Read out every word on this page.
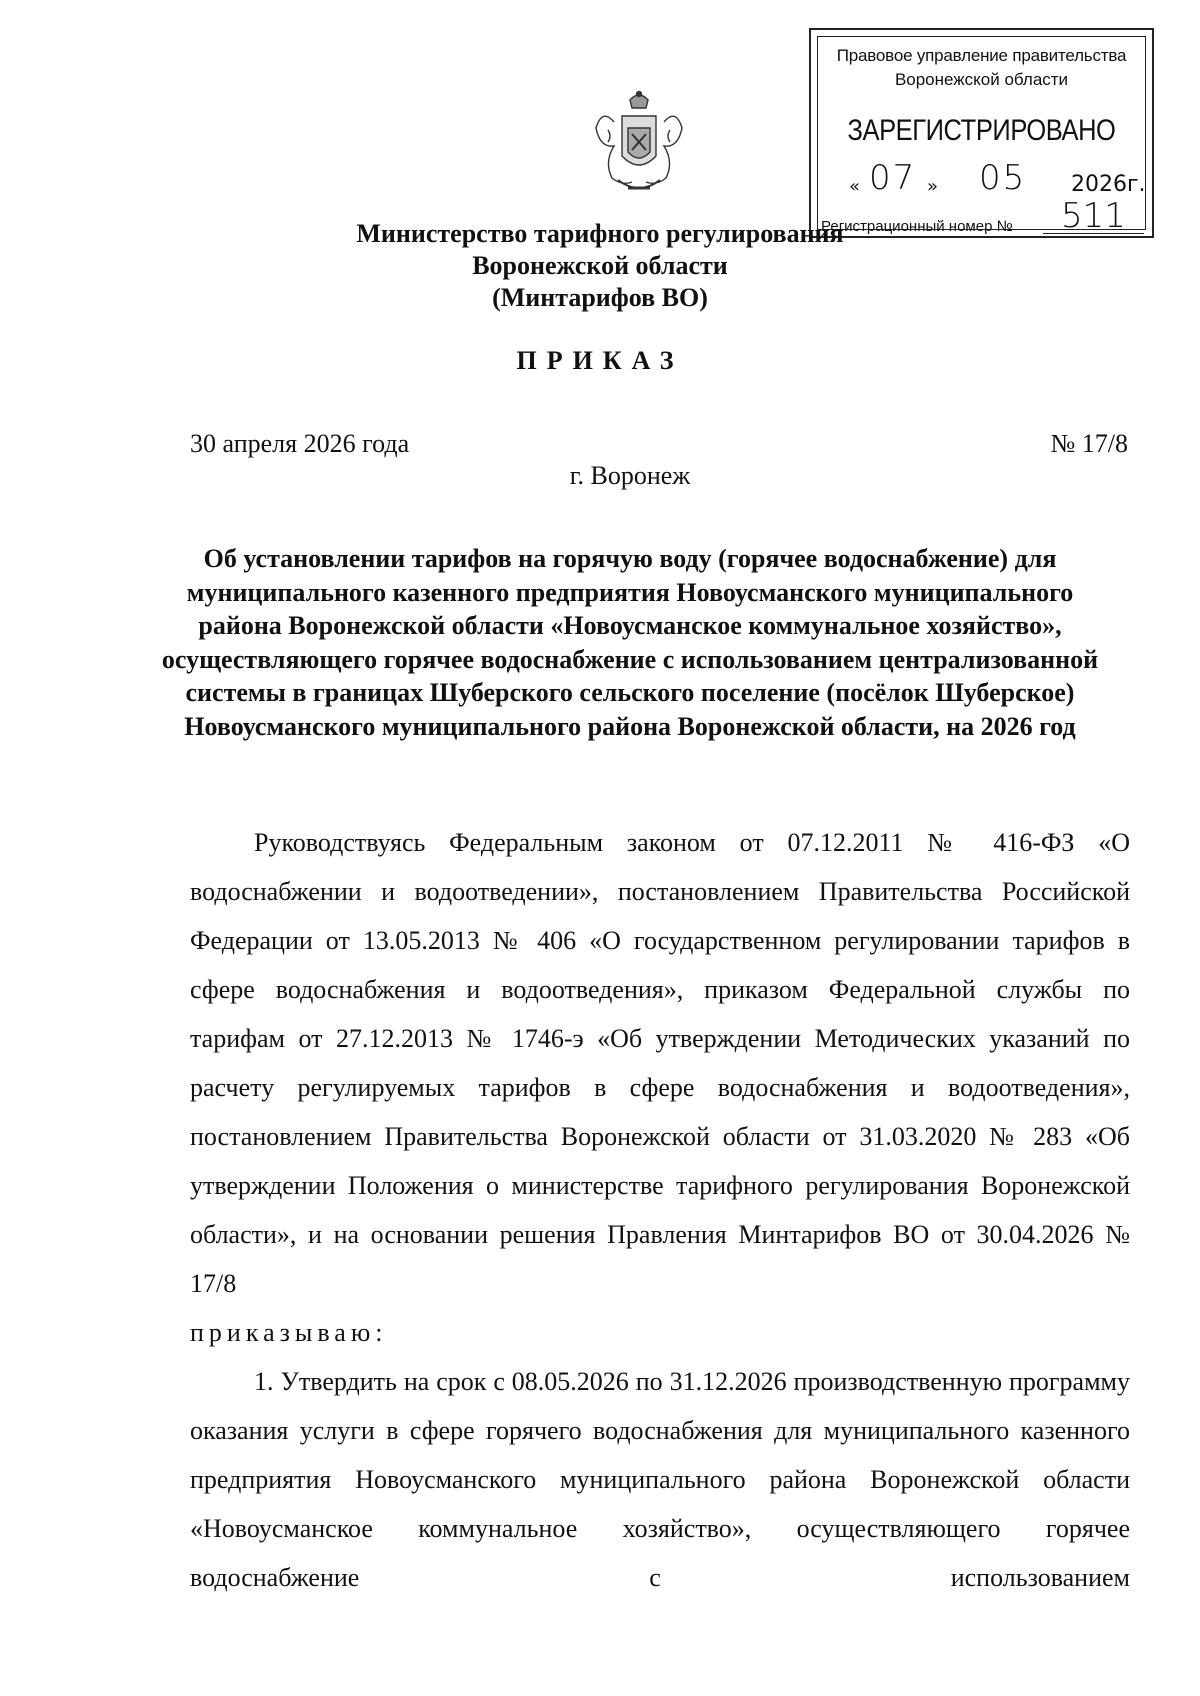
Правовое управление правительства
Воронежской области
ЗАРЕГИСТРИРОВАНО
« 07 » 05 2026г.
Регистрационный номер № 511
Министерство тарифного регулирования
Воронежской области
(Минтарифов ВО)
ПРИКАЗ
30 апреля 2026 года	№ 17/8
г. Воронеж
Об установлении тарифов на горячую воду (горячее водоснабжение) для муниципального казенного предприятия Новоусманского муниципального района Воронежской области «Новоусманское коммунальное хозяйство», осуществляющего горячее водоснабжение с использованием централизованной системы в границах Шуберского сельского поселение (посёлок Шуберское) Новоусманского муниципального района Воронежской области, на 2026 год

Руководствуясь Федеральным законом от 07.12.2011 № 416-ФЗ «О водоснабжении и водоотведении», постановлением Правительства Российской Федерации от 13.05.2013 № 406 «О государственном регулировании тарифов в сфере водоснабжения и водоотведения», приказом Федеральной службы по тарифам от 27.12.2013 № 1746-э «Об утверждении Методических указаний по расчету регулируемых тарифов в сфере водоснабжения и водоотведения», постановлением Правительства Воронежской области от 31.03.2020 № 283 «Об утверждении Положения о министерстве тарифного регулирования Воронежской области», и на основании решения Правления Минтарифов ВО от 30.04.2026 № 17/8

приказываю:

1. Утвердить на срок с 08.05.2026 по 31.12.2026 производственную программу оказания услуги в сфере горячего водоснабжения для муниципального казенного предприятия Новоусманского муниципального района Воронежской области «Новоусманское коммунальное хозяйство», осуществляющего горячее водоснабжение с использованием
